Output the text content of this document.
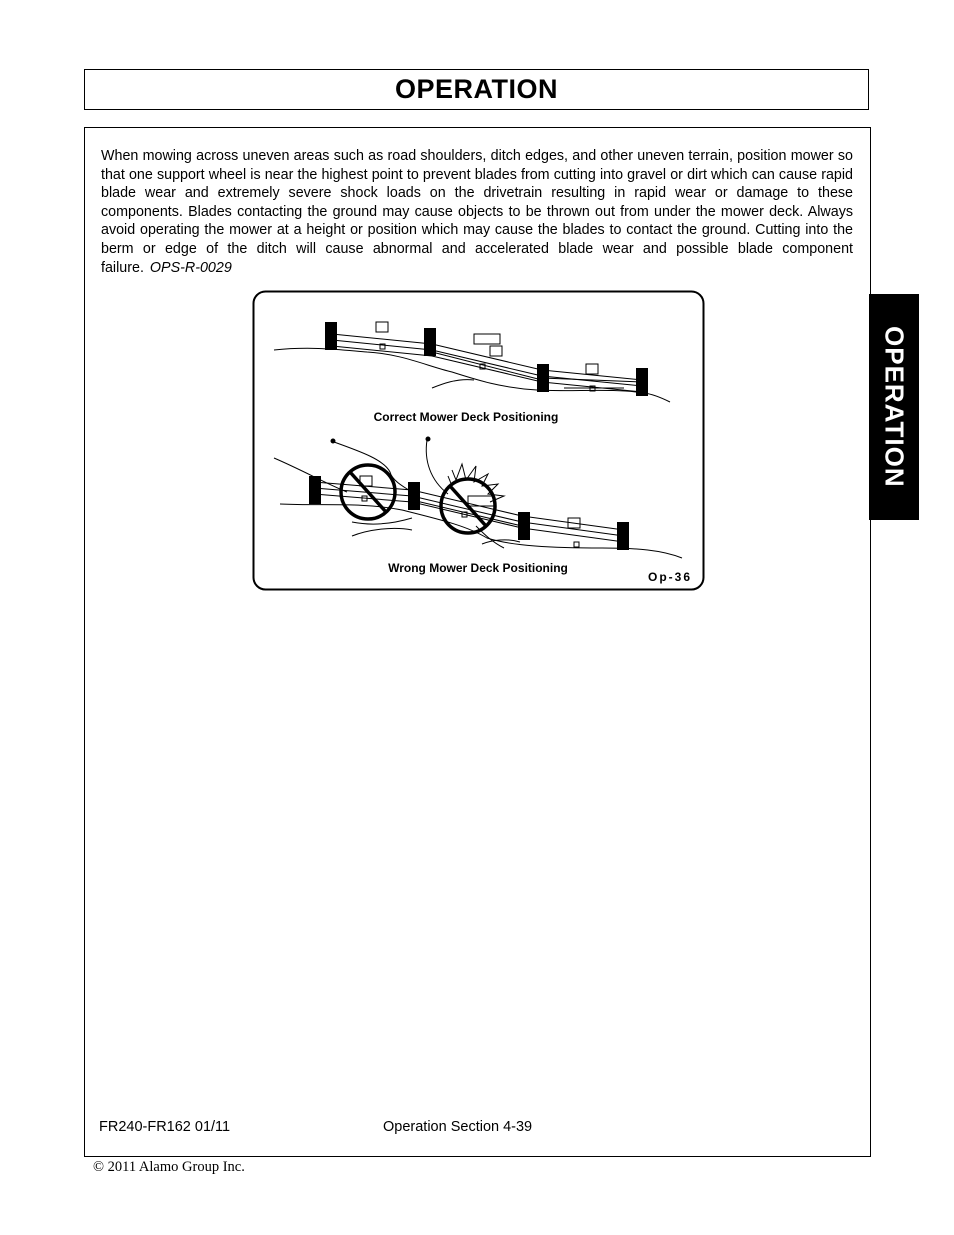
OPERATION

When mowing across uneven areas such as road shoulders, ditch edges, and other uneven terrain, position mower so that one support wheel is near the highest point to prevent blades from cutting into gravel or dirt which can cause rapid blade wear and extremely severe shock loads on the drivetrain resulting in rapid wear or damage to these components. Blades contacting the ground may cause objects to be thrown out from under the mower deck. Always avoid operating the mower at a height or position which may cause the blades to contact the ground. Cutting into the berm or edge of the ditch will cause abnormal and accelerated blade wear and possible blade component failure. OPS-R-0029

Correct Mower Deck Positioning
Wrong Mower Deck Positioning
Op-36
FR240-FR162 01/11	Operation Section 4-39
OPERATION
© 2011 Alamo Group Inc.
